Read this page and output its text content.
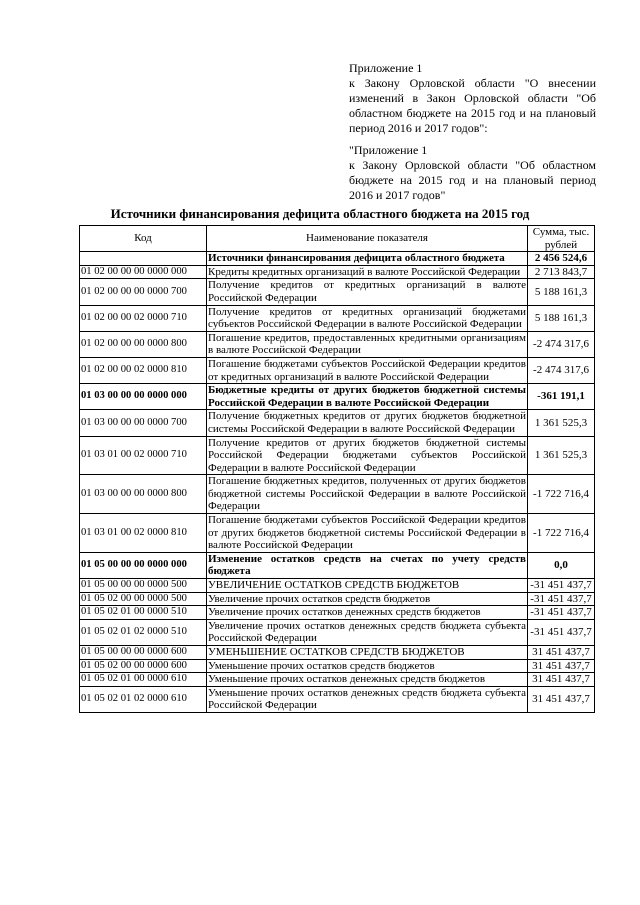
Приложение 1

к Закону Орловской области "О внесении изменений в Закон Орловской области "Об областном бюджете на 2015 год и на плановый период 2016 и 2017 годов":

"Приложение 1

к Закону Орловской области "Об областном бюджете на 2015 год и на плановый период 2016 и 2017 годов"

Источники финансирования дефицита областного бюджета на 2015 год
Код	Наименование показателя	Сумма, тыс. рублей
	Источники финансирования дефицита областного бюджета	2 456 524,6
01 02 00 00 00 0000 000	Кредиты кредитных организаций в валюте Российской Федерации	2 713 843,7
01 02 00 00 00 0000 700	Получение кредитов от кредитных организаций в валюте Российской Федерации	5 188 161,3
01 02 00 00 02 0000 710	Получение кредитов от кредитных организаций бюджетами субъектов Российской Федерации в валюте Российской Федерации	5 188 161,3
01 02 00 00 00 0000 800	Погашение кредитов, предоставленных кредитными организациям в валюте Российской Федерации	-2 474 317,6
01 02 00 00 02 0000 810	Погашение бюджетами субъектов Российской Федерации кредитов от кредитных организаций в валюте Российской Федерации	-2 474 317,6
01 03 00 00 00 0000 000	Бюджетные кредиты от других бюджетов бюджетной системы Российской Федерации в валюте Российской Федерации	-361 191,1
01 03 00 00 00 0000 700	Получение бюджетных кредитов от других бюджетов бюджетной системы Российской Федерации в валюте Российской Федерации	1 361 525,3
01 03 01 00 02 0000 710	Получение кредитов от других бюджетов бюджетной системы Российской Федерации бюджетами субъектов Российской Федерации в валюте Российской Федерации	1 361 525,3
01 03 00 00 00 0000 800	Погашение бюджетных кредитов, полученных от других бюджетов бюджетной системы Российской Федерации в валюте Российской Федерации	-1 722 716,4
01 03 01 00 02 0000 810	Погашение бюджетами субъектов Российской Федерации кредитов от других бюджетов бюджетной системы Российской Федерации в валюте Российской Федерации	-1 722 716,4
01 05 00 00 00 0000 000	Изменение остатков средств на счетах по учету средств бюджета	0,0
01 05 00 00 00 0000 500	УВЕЛИЧЕНИЕ ОСТАТКОВ СРЕДСТВ БЮДЖЕТОВ	-31 451 437,7
01 05 02 00 00 0000 500	Увеличение прочих остатков средств бюджетов	-31 451 437,7
01 05 02 01 00 0000 510	Увеличение прочих остатков денежных средств бюджетов	-31 451 437,7
01 05 02 01 02 0000 510	Увеличение прочих остатков денежных средств бюджета субъекта Российской Федерации	-31 451 437,7
01 05 00 00 00 0000 600	УМЕНЬШЕНИЕ ОСТАТКОВ СРЕДСТВ БЮДЖЕТОВ	31 451 437,7
01 05 02 00 00 0000 600	Уменьшение прочих остатков средств бюджетов	31 451 437,7
01 05 02 01 00 0000 610	Уменьшение прочих остатков денежных средств бюджетов	31 451 437,7
01 05 02 01 02 0000 610	Уменьшение прочих остатков денежных средств бюджета субъекта Российской Федерации	31 451 437,7
